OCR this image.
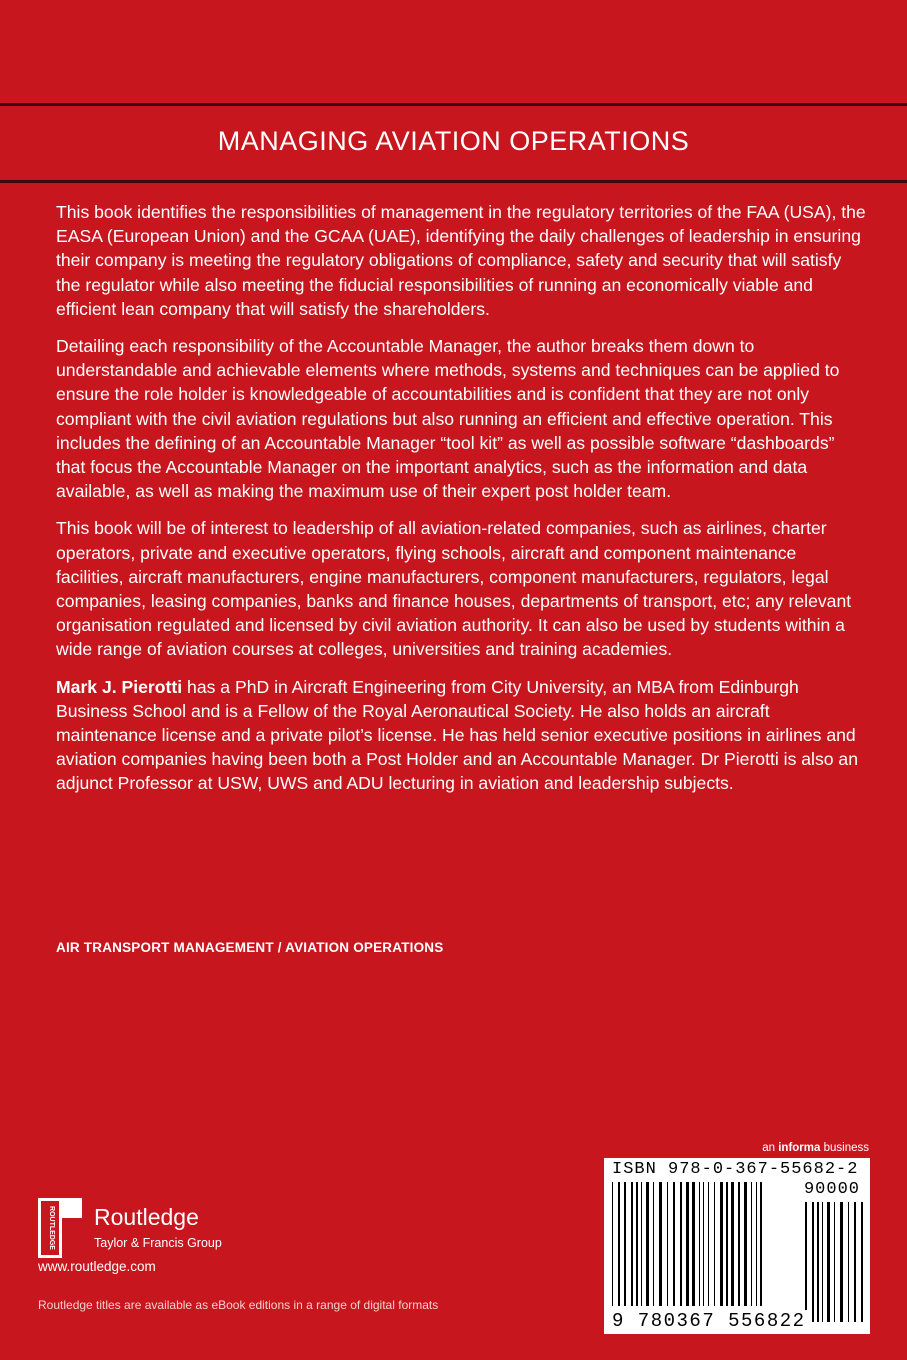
MANAGING AVIATION OPERATIONS

This book identifies the responsibilities of management in the regulatory territories of the FAA (USA), the EASA (European Union) and the GCAA (UAE), identifying the daily challenges of leadership in ensuring their company is meeting the regulatory obligations of compliance, safety and security that will satisfy the regulator while also meeting the fiducial responsibilities of running an economically viable and efficient lean company that will satisfy the shareholders.

Detailing each responsibility of the Accountable Manager, the author breaks them down to understandable and achievable elements where methods, systems and techniques can be applied to ensure the role holder is knowledgeable of accountabilities and is confident that they are not only compliant with the civil aviation regulations but also running an efficient and effective operation. This includes the defining of an Accountable Manager “tool kit” as well as possible software “dashboards” that focus the Accountable Manager on the important analytics, such as the information and data available, as well as making the maximum use of their expert post holder team.

This book will be of interest to leadership of all aviation-related companies, such as airlines, charter operators, private and executive operators, flying schools, aircraft and component maintenance facilities, aircraft manufacturers, engine manufacturers, component manufacturers, regulators, legal companies, leasing companies, banks and finance houses, departments of transport, etc; any relevant organisation regulated and licensed by civil aviation authority. It can also be used by students within a wide range of aviation courses at colleges, universities and training academies.

Mark J. Pierotti has a PhD in Aircraft Engineering from City University, an MBA from Edinburgh Business School and is a Fellow of the Royal Aeronautical Society. He also holds an aircraft maintenance license and a private pilot’s license. He has held senior executive positions in airlines and aviation companies having been both a Post Holder and an Accountable Manager. Dr Pierotti is also an adjunct Professor at USW, UWS and ADU lecturing in aviation and leadership subjects.

AIR TRANSPORT MANAGEMENT / AVIATION OPERATIONS
ROUTLEDGE Routledge
Taylor & Francis Group
www.routledge.com
Routledge titles are available as eBook editions in a range of digital formats
an informa business
ISBN 978-0-367-55682-2
90000
9 780367 556822
